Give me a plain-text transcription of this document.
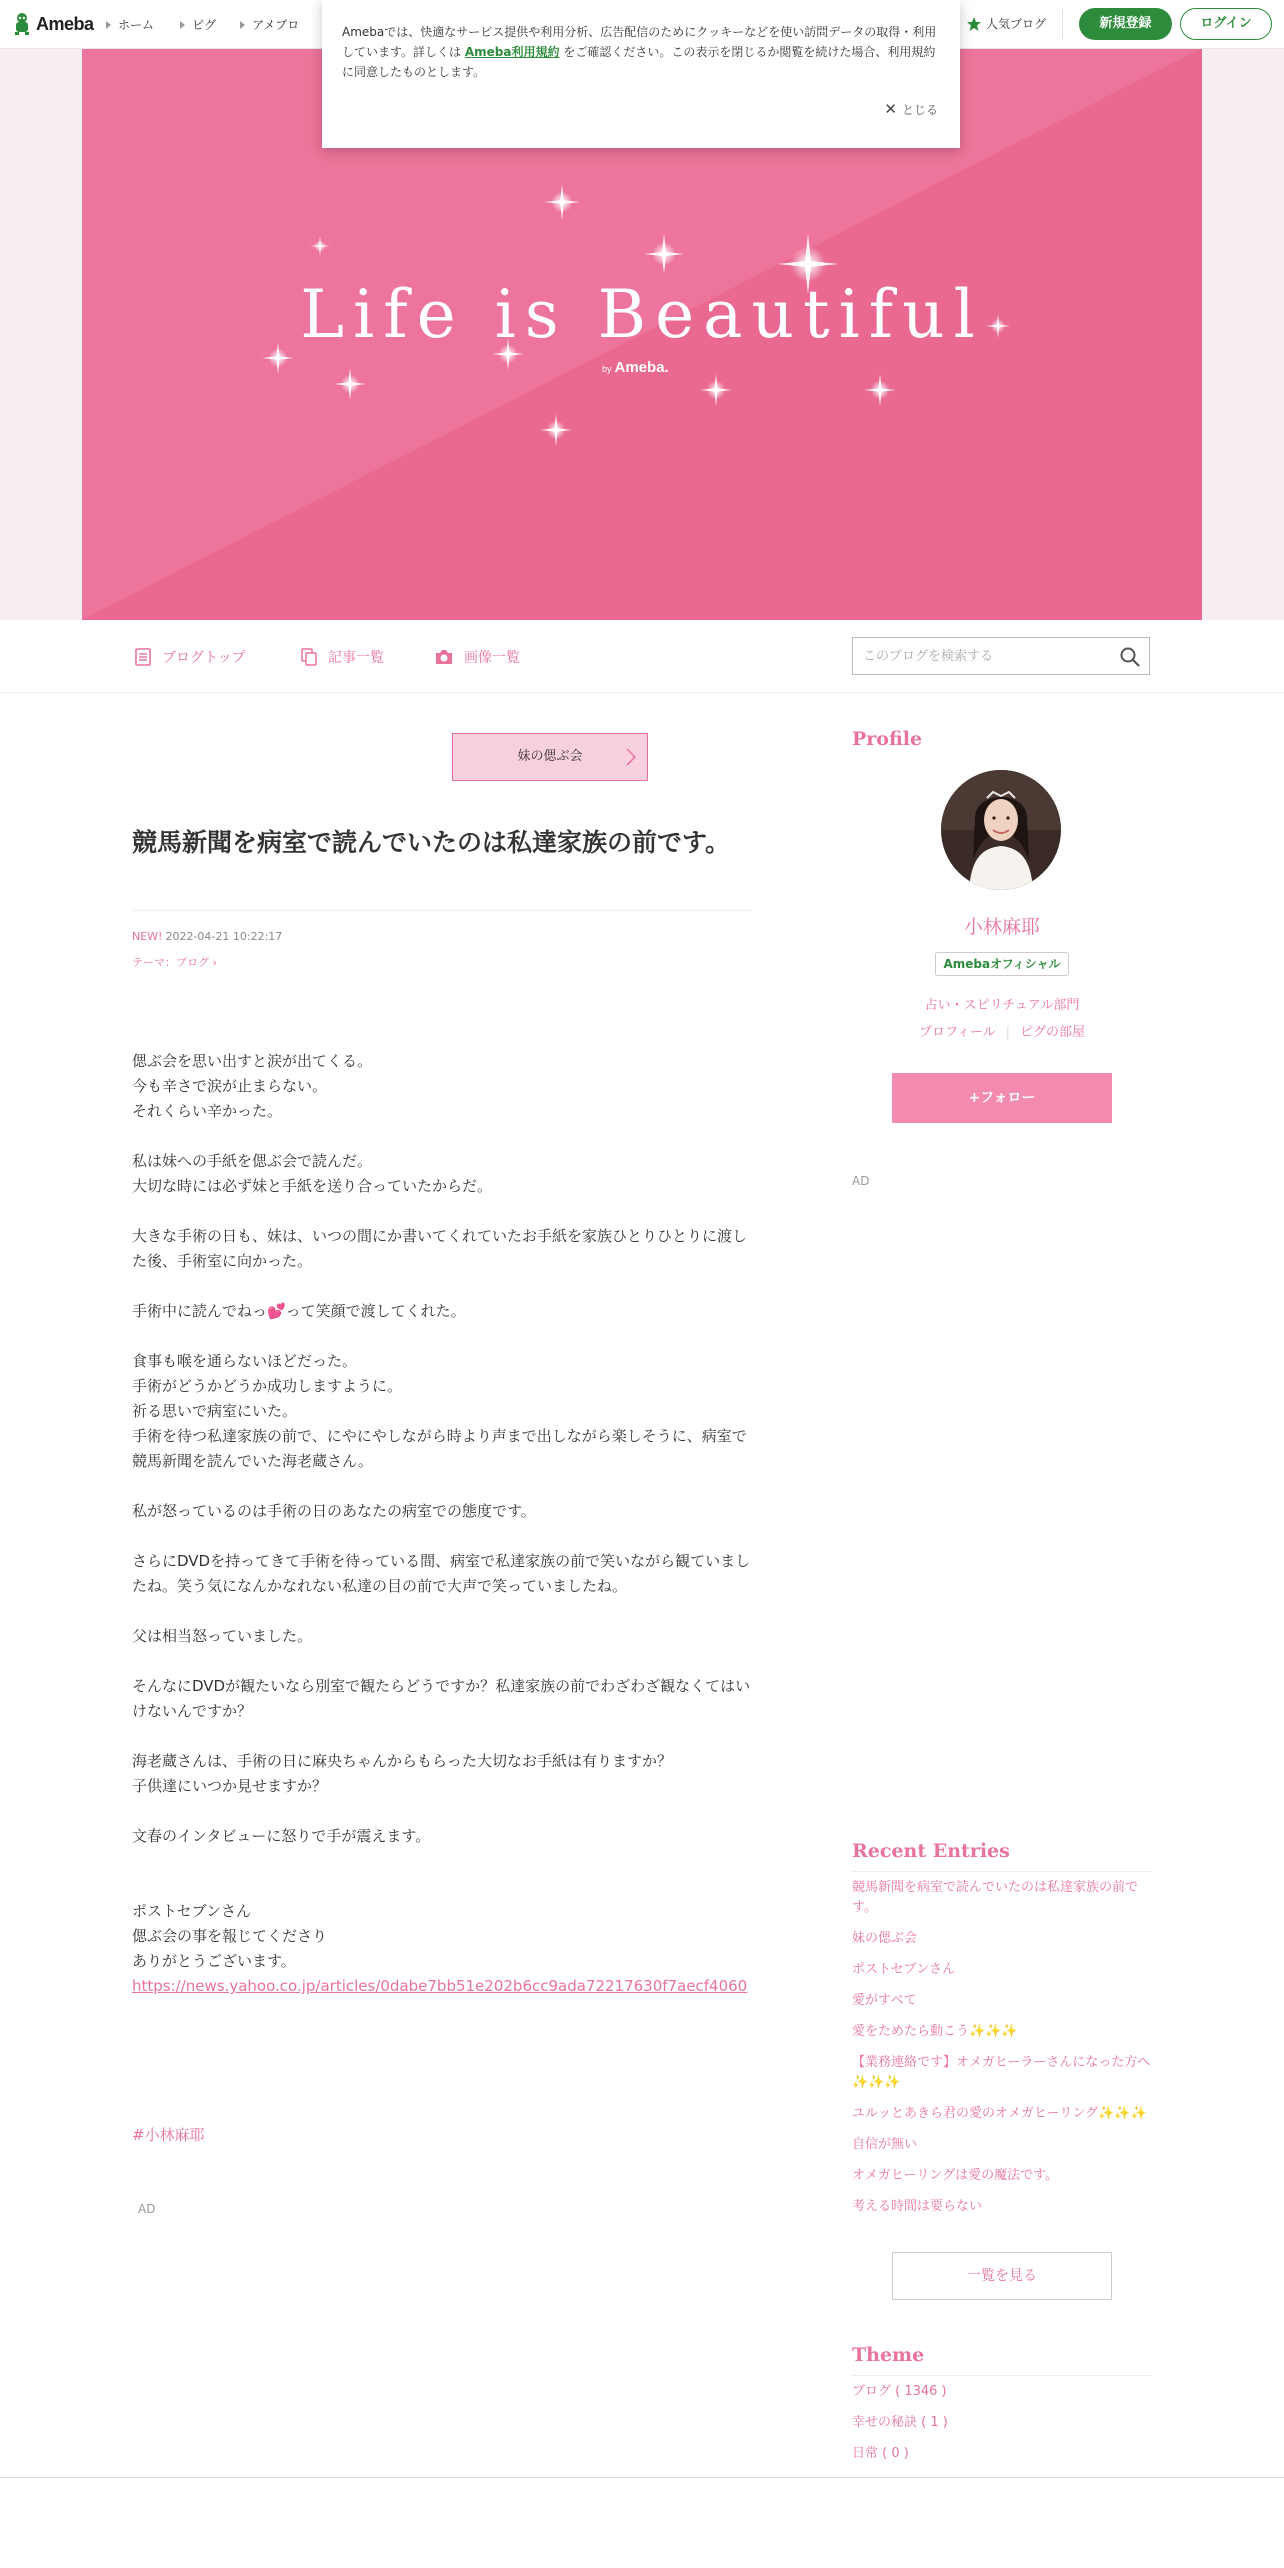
Ameba ホーム	ピグ	アメブロ	人気ブログ	新規登録	ログイン
Amebaでは、快適なサービス提供や利用分析、広告配信のためにクッキーなどを使い訪問データの取得・利用しています。詳しくは Ameba利用規約 をご確認ください。この表示を閉じるか閲覧を続けた場合、利用規約に同意したものとします。
✕ とじる
Life is Beautiful
by Ameba.
ブログトップ	記事一覧	画像一覧
このブログを検索する
妹の偲ぶ会
競馬新聞を病室で読んでいたのは私達家族の前です。
NEW! 2022-04-21 10:22:17
テーマ：ブログ ›

偲ぶ会を思い出すと涙が出てくる。
今も辛さで涙が止まらない。
それくらい辛かった。

私は妹への手紙を偲ぶ会で読んだ。
大切な時には必ず妹と手紙を送り合っていたからだ。

大きな手術の日も、妹は、いつの間にか書いてくれていたお手紙を家族ひとりひとりに渡した後、手術室に向かった。

手術中に読んでねっ💕って笑顔で渡してくれた。

食事も喉を通らないほどだった。
手術がどうかどうか成功しますように。
祈る思いで病室にいた。
手術を待つ私達家族の前で、にやにやしながら時より声まで出しながら楽しそうに、病室で競馬新聞を読んでいた海老蔵さん。

私が怒っているのは手術の日のあなたの病室での態度です。

さらにDVDを持ってきて手術を待っている間、病室で私達家族の前で笑いながら観ていましたね。笑う気になんかなれない私達の目の前で大声で笑っていましたね。

父は相当怒っていました。

そんなにDVDが観たいなら別室で観たらどうですか？私達家族の前でわざわざ観なくてはいけないんですか？

海老蔵さんは、手術の日に麻央ちゃんからもらった大切なお手紙は有りますか？
子供達にいつか見せますか？

文春のインタビューに怒りで手が震えます。

ポストセブンさん
偲ぶ会の事を報じてくださり
ありがとうございます。
https://news.yahoo.co.jp/articles/0dabe7bb51e202b6cc9ada72217630f7aecf4060

#小林麻耶
AD
Profile
小林麻耶
Amebaオフィシャル
占い・スピリチュアル部門
プロフィール | ピグの部屋
+フォロー
AD
Recent Entries
競馬新聞を病室で読んでいたのは私達家族の前です。
妹の偲ぶ会
ポストセブンさん
愛がすべて
愛をためたら動こう✨✨✨
【業務連絡です】オメガヒーラーさんになった方へ✨✨✨
ユルッとあきら君の愛のオメガヒーリング✨✨✨
自信が無い
オメガヒーリングは愛の魔法です。
考える時間は要らない
一覧を見る
Theme
ブログ ( 1346 )
幸せの秘訣 ( 1 )
日常 ( 0 )
